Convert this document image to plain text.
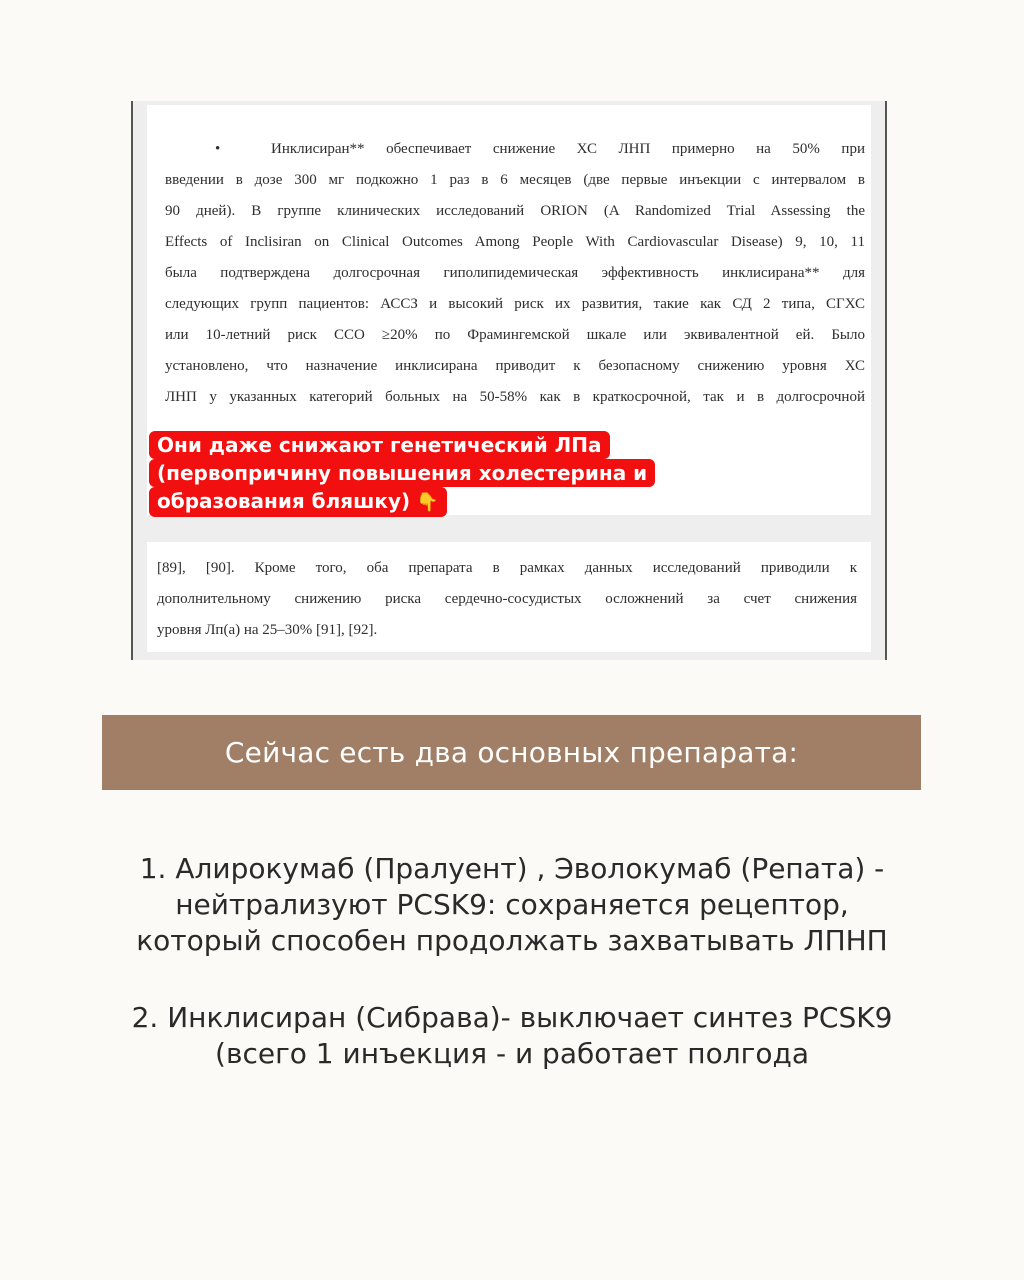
•	Инклисиран** обеспечивает снижение ХС ЛНП примерно на 50% при
введении в дозе 300 мг подкожно 1 раз в 6 месяцев (две первые инъекции с интервалом в
90 дней). В группе клинических исследований ORION (A Randomized Trial Assessing the
Effects of Inclisiran on Clinical Outcomes Among People With Cardiovascular Disease) 9, 10, 11
была подтверждена долгосрочная гиполипидемическая эффективность инклисирана** для
следующих групп пациентов: АССЗ и высокий риск их развития, такие как СД 2 типа, СГХС
или 10-летний риск ССО ≥20% по Фрамингемской шкале или эквивалентной ей. Было
установлено, что назначение инклисирана приводит к безопасному снижению уровня ХС
ЛНП у указанных категорий больных на 50-58% как в краткосрочной, так и в долгосрочной
Они даже снижают генетический ЛПа
(первопричину повышения холестерина и
образования бляшку) 👇
[89], [90]. Кроме того, оба препарата в рамках данных исследований приводили к
дополнительному снижению риска сердечно-сосудистых осложнений за счет снижения
уровня Лп(а) на 25–30% [91], [92].
Сейчас есть два основных препарата:
1. Алирокумаб (Пралуент) , Эволокумаб (Репата) -
нейтрализуют PCSK9: сохраняется рецептор,
который способен продолжать захватывать ЛПНП
2. Инклисиран (Сибрава)- выключает синтез PCSK9
(всего 1 инъекция - и работает полгода
